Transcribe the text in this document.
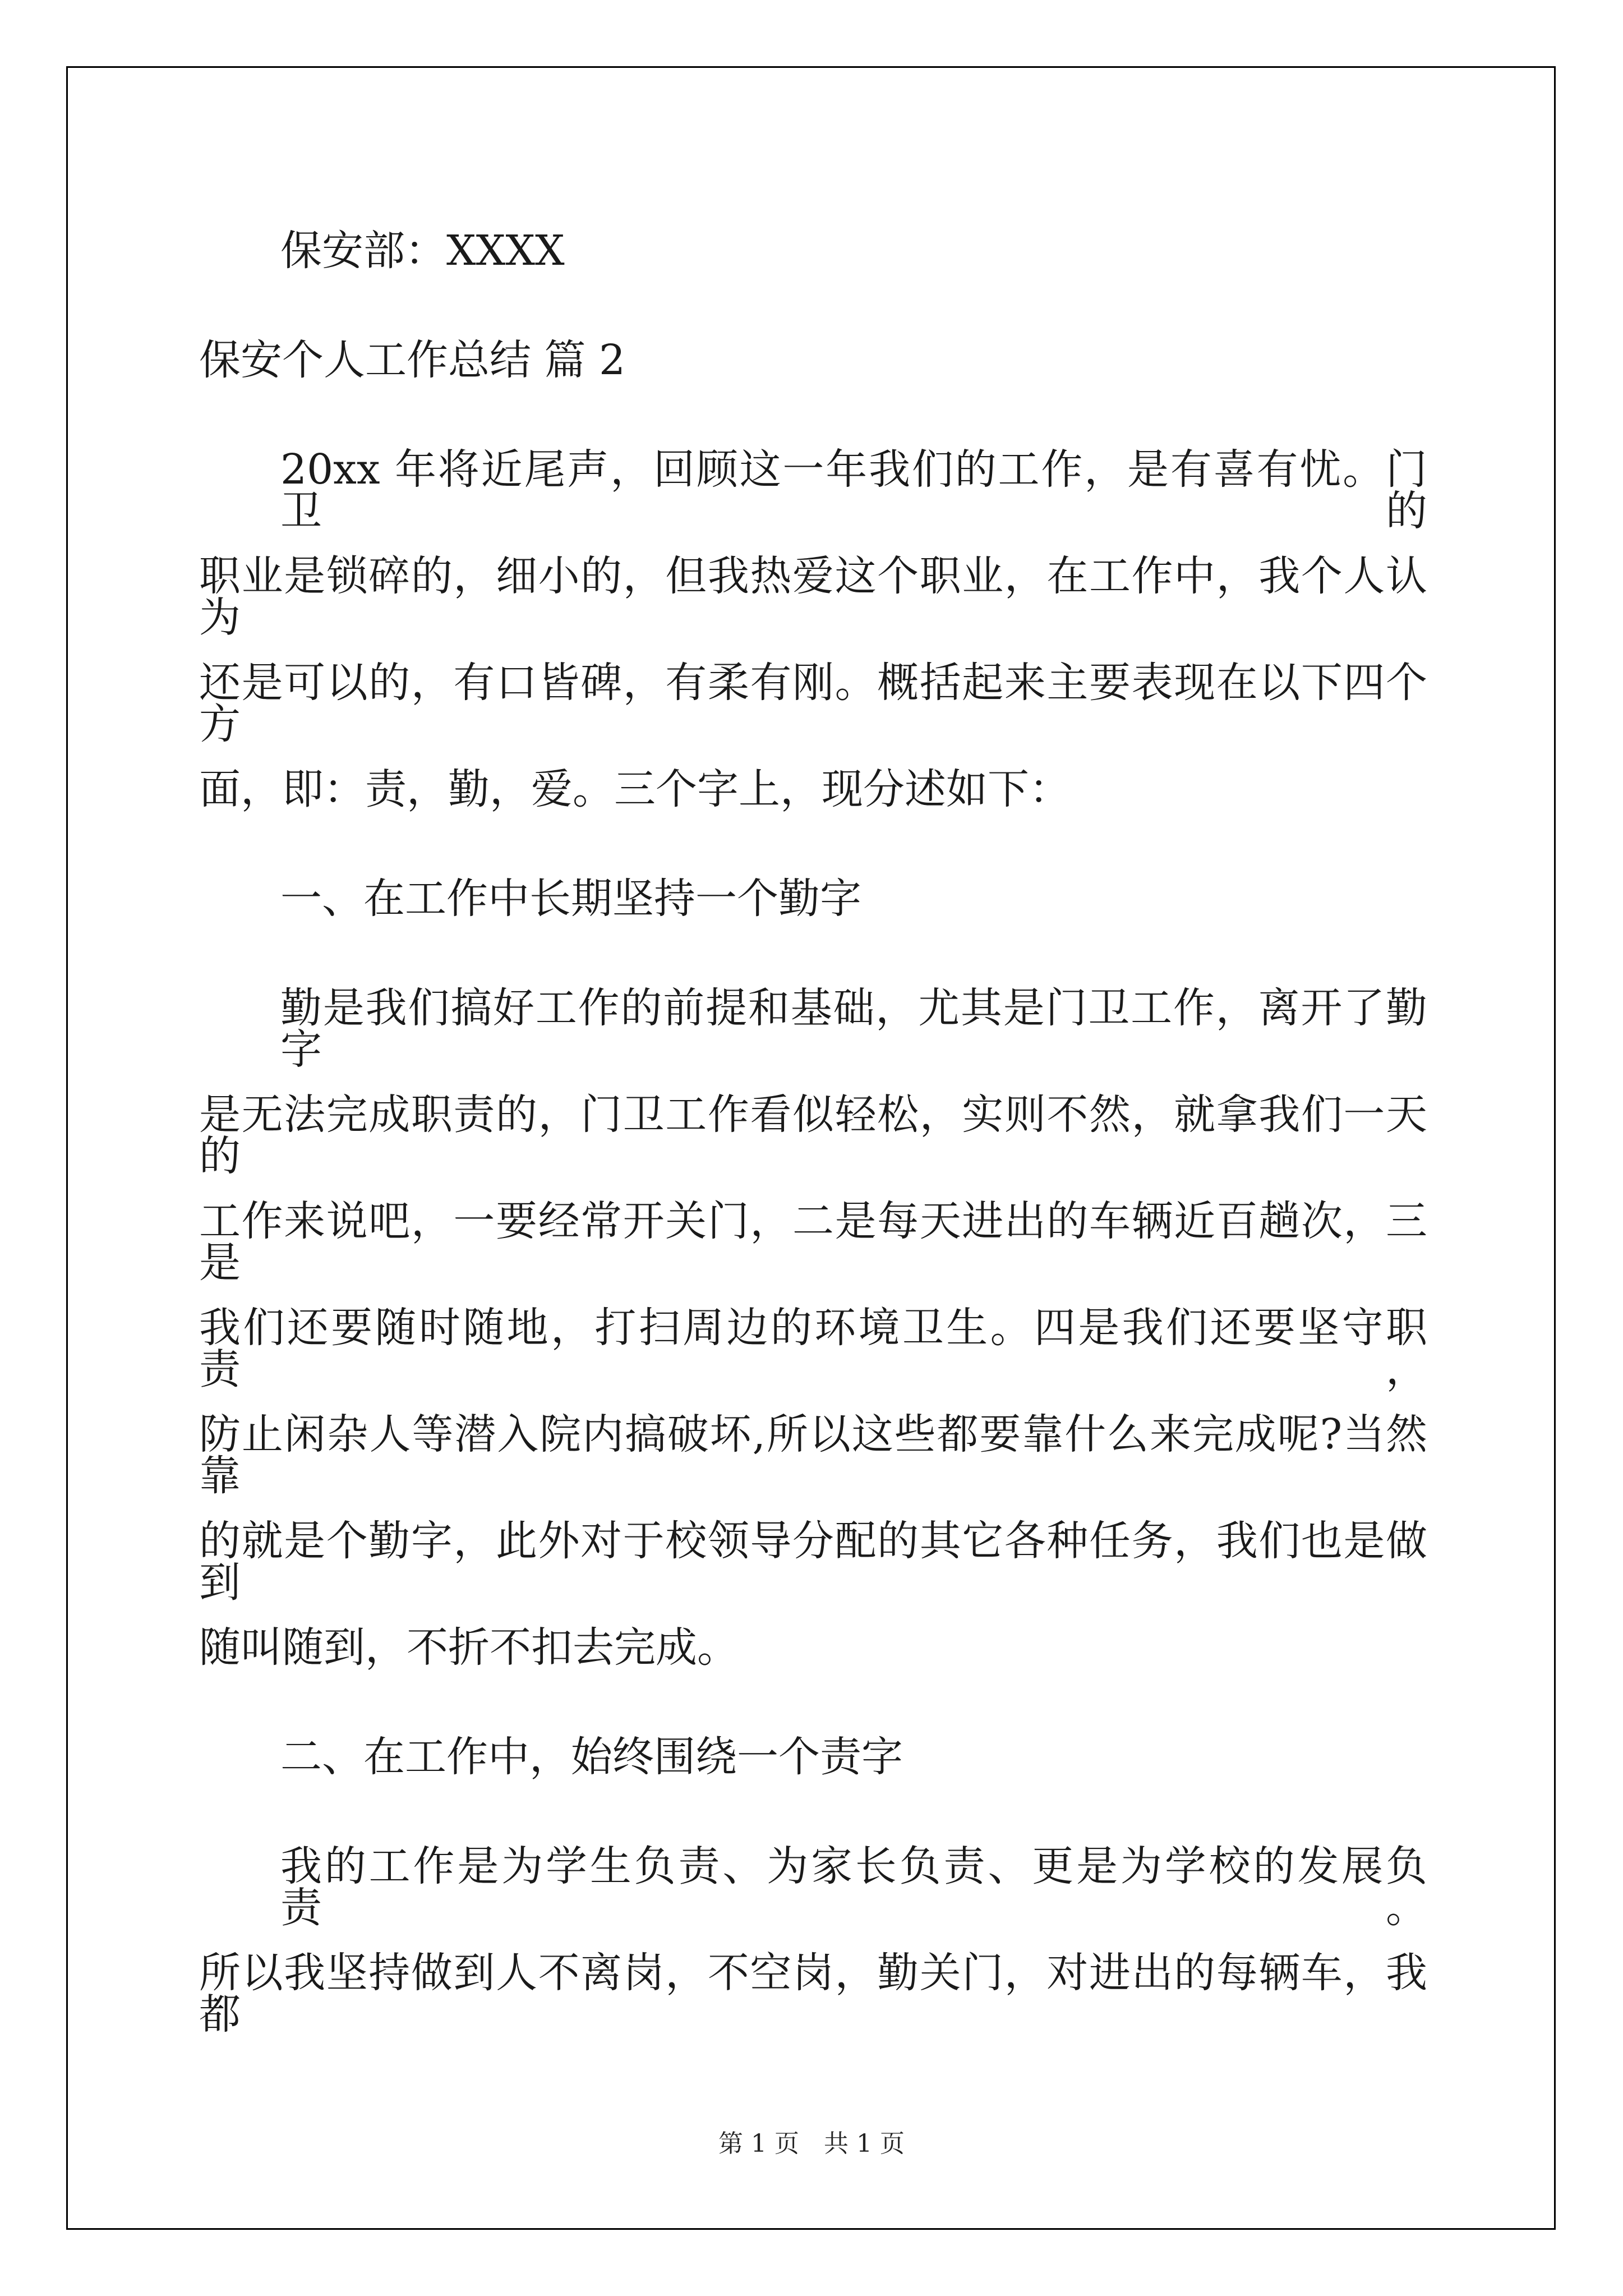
保安部：XXXX
保安个人工作总结 篇 2
20xx 年将近尾声，回顾这一年我们的工作，是有喜有忧。门卫的
职业是锁碎的，细小的，但我热爱这个职业，在工作中，我个人认为
还是可以的，有口皆碑，有柔有刚。概括起来主要表现在以下四个方
面，即：责，勤，爱。三个字上，现分述如下：
一、在工作中长期坚持一个勤字
勤是我们搞好工作的前提和基础，尤其是门卫工作，离开了勤字
是无法完成职责的，门卫工作看似轻松，实则不然，就拿我们一天的
工作来说吧，一要经常开关门，二是每天进出的车辆近百趟次，三是
我们还要随时随地，打扫周边的环境卫生。四是我们还要坚守职责，
防止闲杂人等潜入院内搞破坏,所以这些都要靠什么来完成呢?当然靠
的就是个勤字，此外对于校领导分配的其它各种任务，我们也是做到
随叫随到，不折不扣去完成。
二、在工作中，始终围绕一个责字
我的工作是为学生负责、为家长负责、更是为学校的发展负责。
所以我坚持做到人不离岗，不空岗，勤关门，对进出的每辆车，我都
第 1 页　共 1 页
